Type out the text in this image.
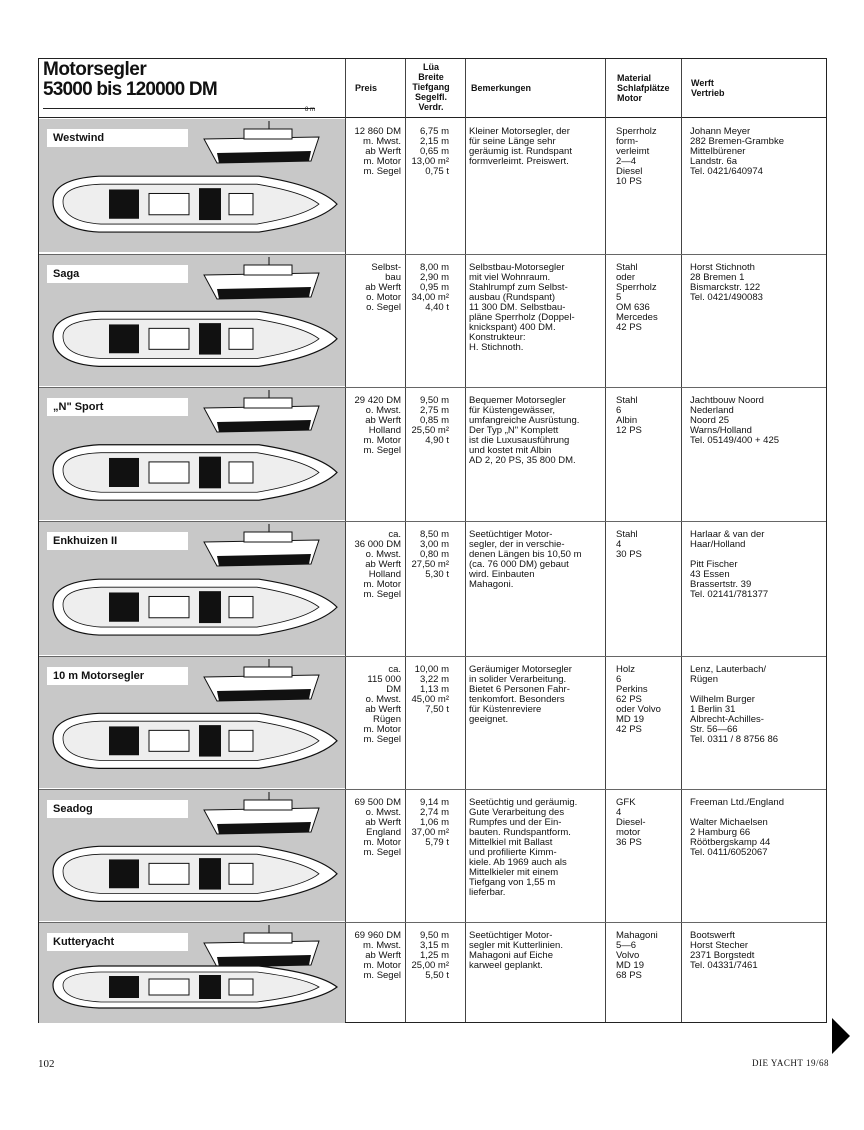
Motorsegler
53000 bis 120000 DM
8 m
Preis
Lüa
Breite
Tiefgang
Segelfl.
Verdr.
Bemerkungen
Material
Schlafplätze
Motor
Werft
Vertrieb
Westwind
12 860 DM
m. Mwst.
ab Werft
m. Motor
m. Segel
6,75 m
2,15 m
0,65 m
13,00 m²
0,75 t
Kleiner Motorsegler, der
für seine Länge sehr
geräumig ist. Rundspant
formverleimt. Preiswert.
Sperrholz
form-
verleimt
2—4
Diesel
10 PS
Johann Meyer
282 Bremen-Grambke
Mittelbürener
Landstr. 6a
Tel. 0421/640974
Saga
Selbst-
bau
ab Werft
o. Motor
o. Segel
8,00 m
2,90 m
0,95 m
34,00 m²
4,40 t
Selbstbau-Motorsegler
mit viel Wohnraum.
Stahlrumpf zum Selbst-
ausbau (Rundspant)
11 300 DM. Selbstbau-
pläne Sperrholz (Doppel-
knickspant) 400 DM.
Konstrukteur:
H. Stichnoth.
Stahl
oder
Sperrholz
5
OM 636
Mercedes
42 PS
Horst Stichnoth
28 Bremen 1
Bismarckstr. 122
Tel. 0421/490083
„N" Sport
29 420 DM
o. Mwst.
ab Werft
Holland
m. Motor
m. Segel
9,50 m
2,75 m
0,85 m
25,50 m²
4,90 t
Bequemer Motorsegler
für Küstengewässer,
umfangreiche Ausrüstung.
Der Typ „N" Komplett
ist die Luxusausführung
und kostet mit Albin
AD 2, 20 PS, 35 800 DM.
Stahl
6
Albin
12 PS
Jachtbouw Noord
Nederland
Noord 25
Warns/Holland
Tel. 05149/400 + 425
Enkhuizen II
ca.
36 000 DM
o. Mwst.
ab Werft
Holland
m. Motor
m. Segel
8,50 m
3,00 m
0,80 m
27,50 m²
5,30 t
Seetüchtiger Motor-
segler, der in verschie-
denen Längen bis 10,50 m
(ca. 76 000 DM) gebaut
wird. Einbauten
Mahagoni.
Stahl
4
30 PS
Harlaar & van der
Haar/Holland

Pitt Fischer
43 Essen
Brassertstr. 39
Tel. 02141/781377
10 m Motorsegler
ca.
115 000
DM
o. Mwst.
ab Werft
Rügen
m. Motor
m. Segel
10,00 m
3,22 m
1,13 m
45,00 m²
7,50 t
Geräumiger Motorsegler
in solider Verarbeitung.
Bietet 6 Personen Fahr-
tenkomfort. Besonders
für Küstenreviere
geeignet.
Holz
6
Perkins
62 PS
oder Volvo
MD 19
42 PS
Lenz, Lauterbach/
Rügen

Wilhelm Burger
1 Berlin 31
Albrecht-Achilles-
Str. 56—66
Tel. 0311 / 8 8756 86
Seadog
69 500 DM
o. Mwst.
ab Werft
England
m. Motor
m. Segel
9,14 m
2,74 m
1,06 m
37,00 m²
5,79 t
Seetüchtig und geräumig.
Gute Verarbeitung des
Rumpfes und der Ein-
bauten. Rundspantform.
Mittelkiel mit Ballast
und profilierte Kimm-
kiele. Ab 1969 auch als
Mittelkieler mit einem
Tiefgang von 1,55 m
lieferbar.
GFK
4
Diesel-
motor
36 PS
Freeman Ltd./England

Walter Michaelsen
2 Hamburg 66
Röötbergskamp 44
Tel. 0411/6052067
Kutteryacht
69 960 DM
m. Mwst.
ab Werft
m. Motor
m. Segel
9,50 m
3,15 m
1,25 m
25,00 m²
5,50 t
Seetüchtiger Motor-
segler mit Kutterlinien.
Mahagoni auf Eiche
karweel geplankt.
Mahagoni
5—6
Volvo
MD 19
68 PS
Bootswerft
Horst Stecher
2371 Borgstedt
Tel. 04331/7461
102	DIE YACHT 19/68
